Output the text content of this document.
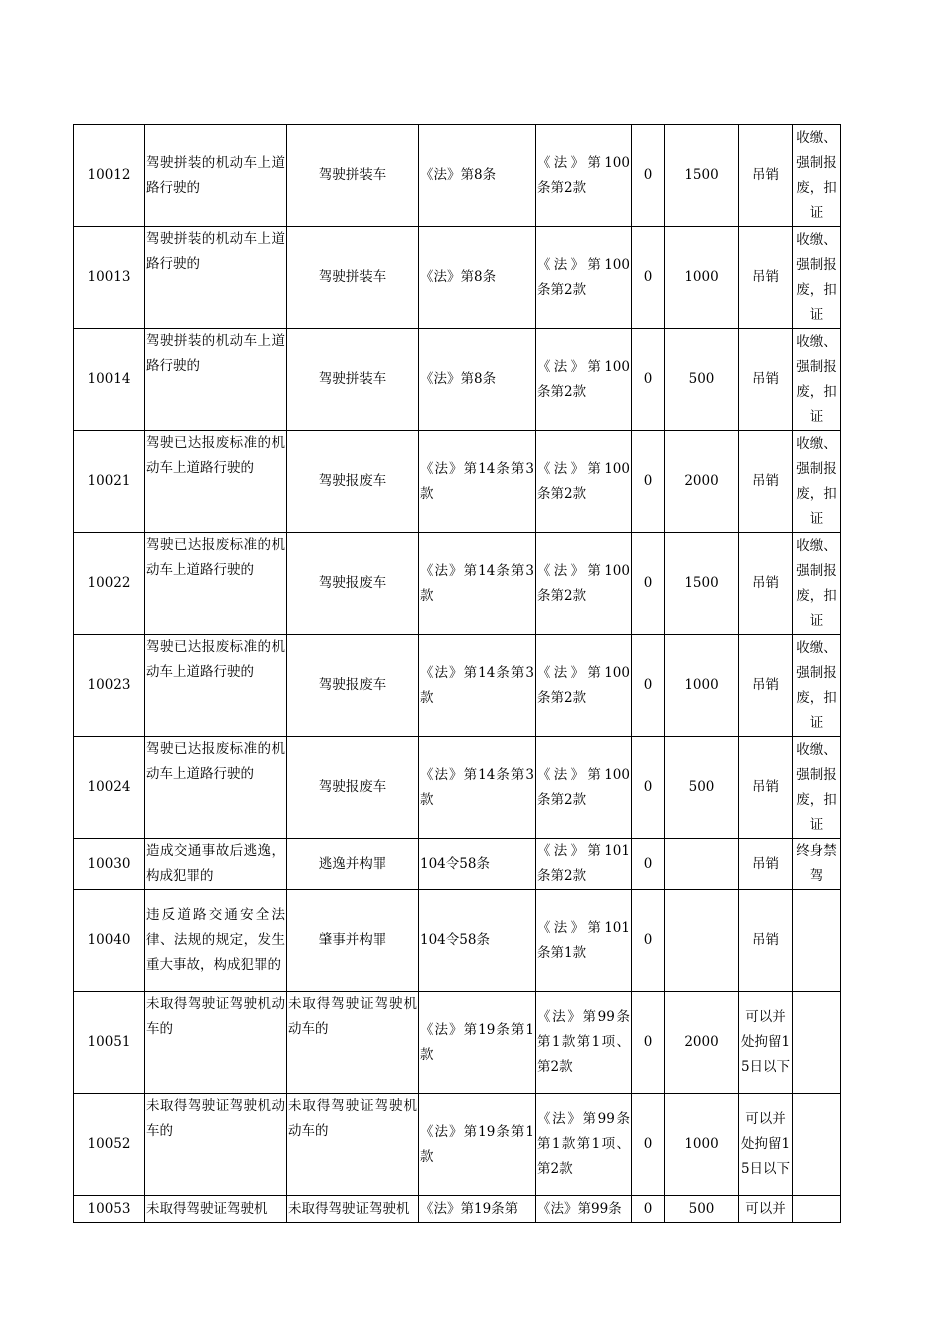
10012	驾驶拼装的机动车上道路行驶的	驾驶拼装车	《法》第8条	《法》第100条第2款	0	1500	吊销	收缴、强制报废，扣证
10013	驾驶拼装的机动车上道路行驶的	驾驶拼装车	《法》第8条	《法》第100条第2款	0	1000	吊销	收缴、强制报废，扣证
10014	驾驶拼装的机动车上道路行驶的	驾驶拼装车	《法》第8条	《法》第100条第2款	0	500	吊销	收缴、强制报废，扣证
10021	驾驶已达报废标准的机动车上道路行驶的	驾驶报废车	《法》第14条第3款	《法》第100条第2款	0	2000	吊销	收缴、强制报废，扣证
10022	驾驶已达报废标准的机动车上道路行驶的	驾驶报废车	《法》第14条第3款	《法》第100条第2款	0	1500	吊销	收缴、强制报废，扣证
10023	驾驶已达报废标准的机动车上道路行驶的	驾驶报废车	《法》第14条第3款	《法》第100条第2款	0	1000	吊销	收缴、强制报废，扣证
10024	驾驶已达报废标准的机动车上道路行驶的	驾驶报废车	《法》第14条第3款	《法》第100条第2款	0	500	吊销	收缴、强制报废，扣证
10030	造成交通事故后逃逸，构成犯罪的	逃逸并构罪	104令58条	《法》第101条第2款	0		吊销	终身禁驾
10040	违反道路交通安全法律、法规的规定，发生重大事故，构成犯罪的	肇事并构罪	104令58条	《法》第101条第1款	0		吊销	
10051	未取得驾驶证驾驶机动车的	未取得驾驶证驾驶机动车的	《法》第19条第1款	《法》第99条第1款第1项、第2款	0	2000	可以并处拘留15日以下	
10052	未取得驾驶证驾驶机动车的	未取得驾驶证驾驶机动车的	《法》第19条第1款	《法》第99条第1款第1项、第2款	0	1000	可以并处拘留15日以下	
10053	未取得驾驶证驾驶机	未取得驾驶证驾驶机	《法》第19条第	《法》第99条	0	500	可以并	
